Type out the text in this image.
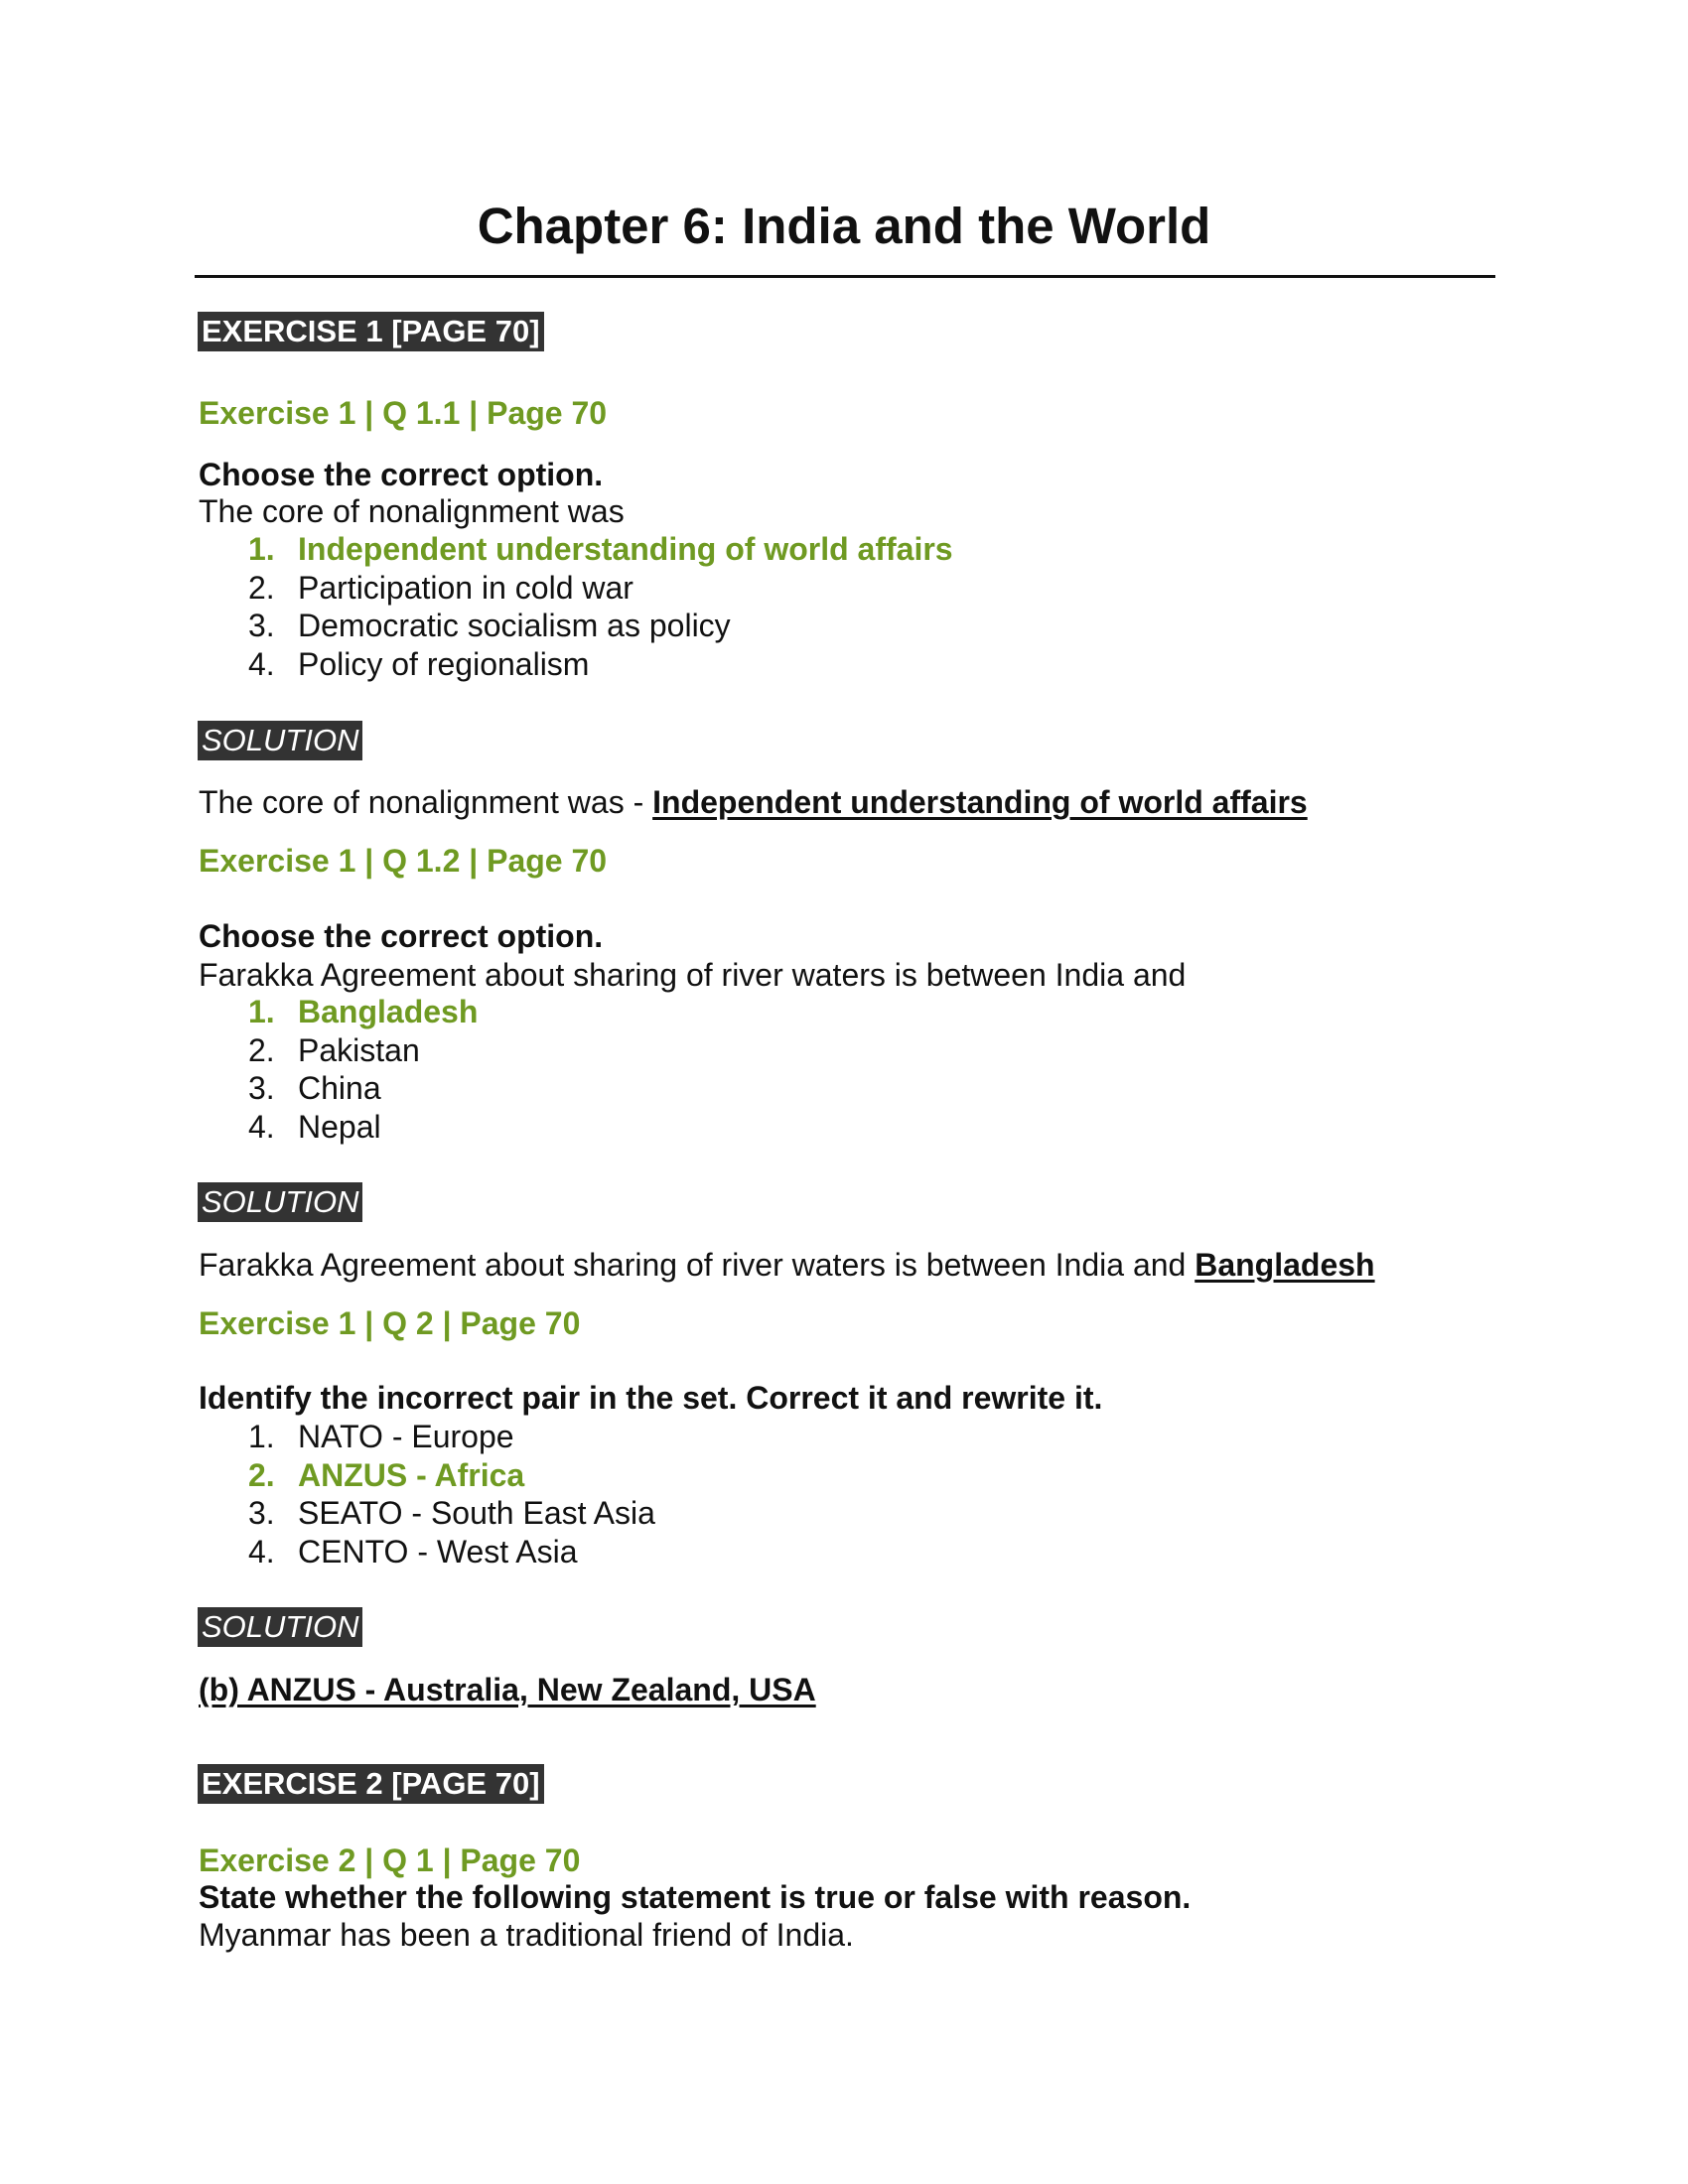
Chapter 6: India and the World
EXERCISE 1 [PAGE 70]

Exercise 1 | Q 1.1 | Page 70

Choose the correct option.

The core of nonalignment was

1. Independent understanding of world affairs
2. Participation in cold war
3. Democratic socialism as policy
4. Policy of regionalism
SOLUTION

The core of nonalignment was - Independent understanding of world affairs

Exercise 1 | Q 1.2 | Page 70

Choose the correct option.

Farakka Agreement about sharing of river waters is between India and

1. Bangladesh
2. Pakistan
3. China
4. Nepal
SOLUTION

Farakka Agreement about sharing of river waters is between India and Bangladesh

Exercise 1 | Q 2 | Page 70

Identify the incorrect pair in the set. Correct it and rewrite it.

1. NATO - Europe
2. ANZUS - Africa
3. SEATO - South East Asia
4. CENTO - West Asia
SOLUTION

(b) ANZUS - Australia, New Zealand, USA

EXERCISE 2 [PAGE 70]

Exercise 2 | Q 1 | Page 70

State whether the following statement is true or false with reason.

Myanmar has been a traditional friend of India.
